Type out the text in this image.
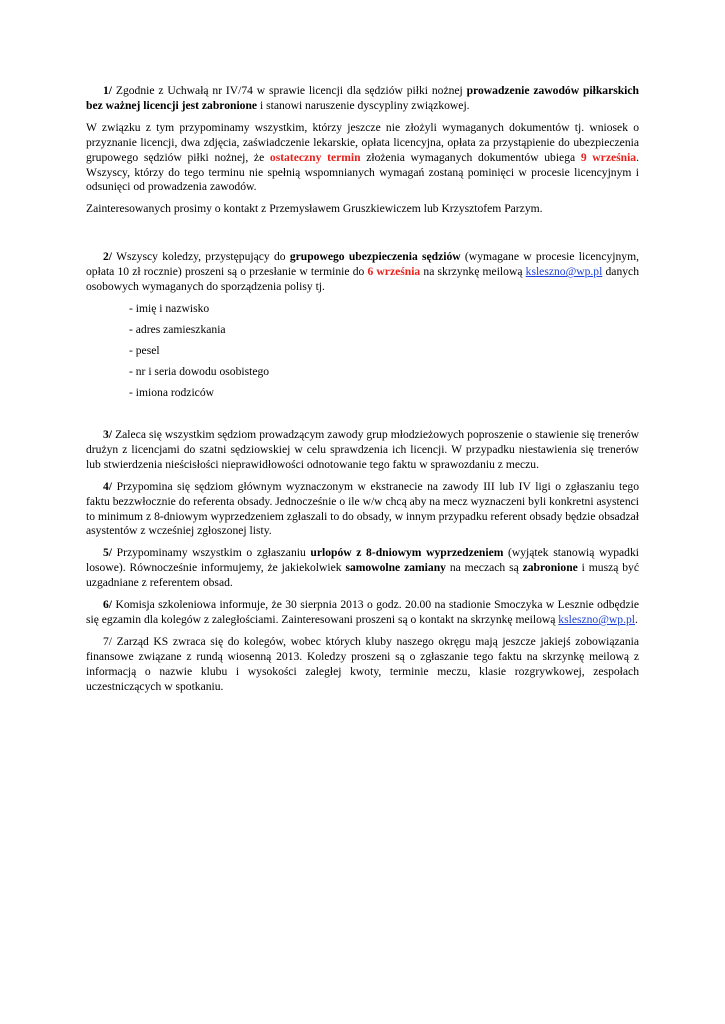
1/ Zgodnie z Uchwałą nr IV/74 w sprawie licencji dla sędziów piłki nożnej prowadzenie zawodów piłkarskich bez ważnej licencji jest zabronione i stanowi naruszenie dyscypliny związkowej.

W związku z tym przypominamy wszystkim, którzy jeszcze nie złożyli wymaganych dokumentów tj. wniosek o przyznanie licencji, dwa zdjęcia, zaświadczenie lekarskie, opłata licencyjna, opłata za przystąpienie do ubezpieczenia grupowego sędziów piłki nożnej, że ostateczny termin złożenia wymaganych dokumentów ubiega 9 września. Wszyscy, którzy do tego terminu nie spełnią wspomnianych wymagań zostaną pominięci w procesie licencyjnym i odsunięci od prowadzenia zawodów.

Zainteresowanych prosimy o kontakt z Przemysławem Gruszkiewiczem lub Krzysztofem Parzym.

2/ Wszyscy koledzy, przystępujący do grupowego ubezpieczenia sędziów (wymagane w procesie licencyjnym, opłata 10 zł rocznie) proszeni są o przesłanie w terminie do 6 września na skrzynkę meilową ksleszno@wp.pl danych osobowych wymaganych do sporządzenia polisy tj.

- imię i nazwisko
- adres zamieszkania
- pesel
- nr i seria dowodu osobistego
- imiona rodziców

3/ Zaleca się wszystkim sędziom prowadzącym zawody grup młodzieżowych poproszenie o stawienie się trenerów drużyn z licencjami do szatni sędziowskiej w celu sprawdzenia ich licencji. W przypadku niestawienia się trenerów lub stwierdzenia nieścisłości nieprawidłowości odnotowanie tego faktu w sprawozdaniu z meczu.

4/ Przypomina się sędziom głównym wyznaczonym w ekstranecie na zawody III lub IV ligi o zgłaszaniu tego faktu bezzwłocznie do referenta obsady. Jednocześnie o ile w/w chcą aby na mecz wyznaczeni byli konkretni asystenci to minimum z 8-dniowym wyprzedzeniem zgłaszali to do obsady, w innym przypadku referent obsady będzie obsadzał asystentów z wcześniej zgłoszonej listy.

5/ Przypominamy wszystkim o zgłaszaniu urlopów z 8-dniowym wyprzedzeniem (wyjątek stanowią wypadki losowe). Równocześnie informujemy, że jakiekolwiek samowolne zamiany na meczach są zabronione i muszą być uzgadniane z referentem obsad.

6/ Komisja szkoleniowa informuje, że 30 sierpnia 2013 o godz. 20.00 na stadionie Smoczyka w Lesznie odbędzie się egzamin dla kolegów z zaległościami. Zainteresowani proszeni są o kontakt na skrzynkę meilową ksleszno@wp.pl.

7/ Zarząd KS zwraca się do kolegów, wobec których kluby naszego okręgu mają jeszcze jakiejś zobowiązania finansowe związane z rundą wiosenną 2013. Koledzy proszeni są o zgłaszanie tego faktu na skrzynkę meilową z informacją o nazwie klubu i wysokości zaległej kwoty, terminie meczu, klasie rozgrywkowej, zespołach uczestniczących w spotkaniu.
